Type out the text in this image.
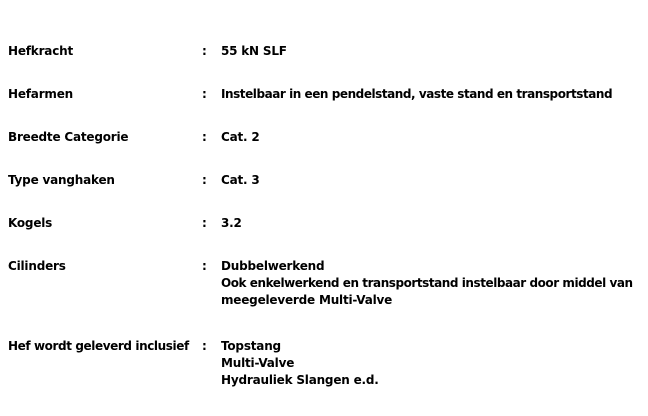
Hefkracht	: 55 kN SLF
Hefarmen	: Instelbaar in een pendelstand, vaste stand en transportstand
Breedte Categorie	: Cat. 2
Type vanghaken	: Cat. 3
Kogels	: 3.2
Cilinders	: Dubbelwerkend
Ook enkelwerkend en transportstand instelbaar door middel van
meegeleverde Multi-Valve
Hef wordt geleverd inclusief : Topstang
Multi-Valve
Hydrauliek Slangen e.d.
